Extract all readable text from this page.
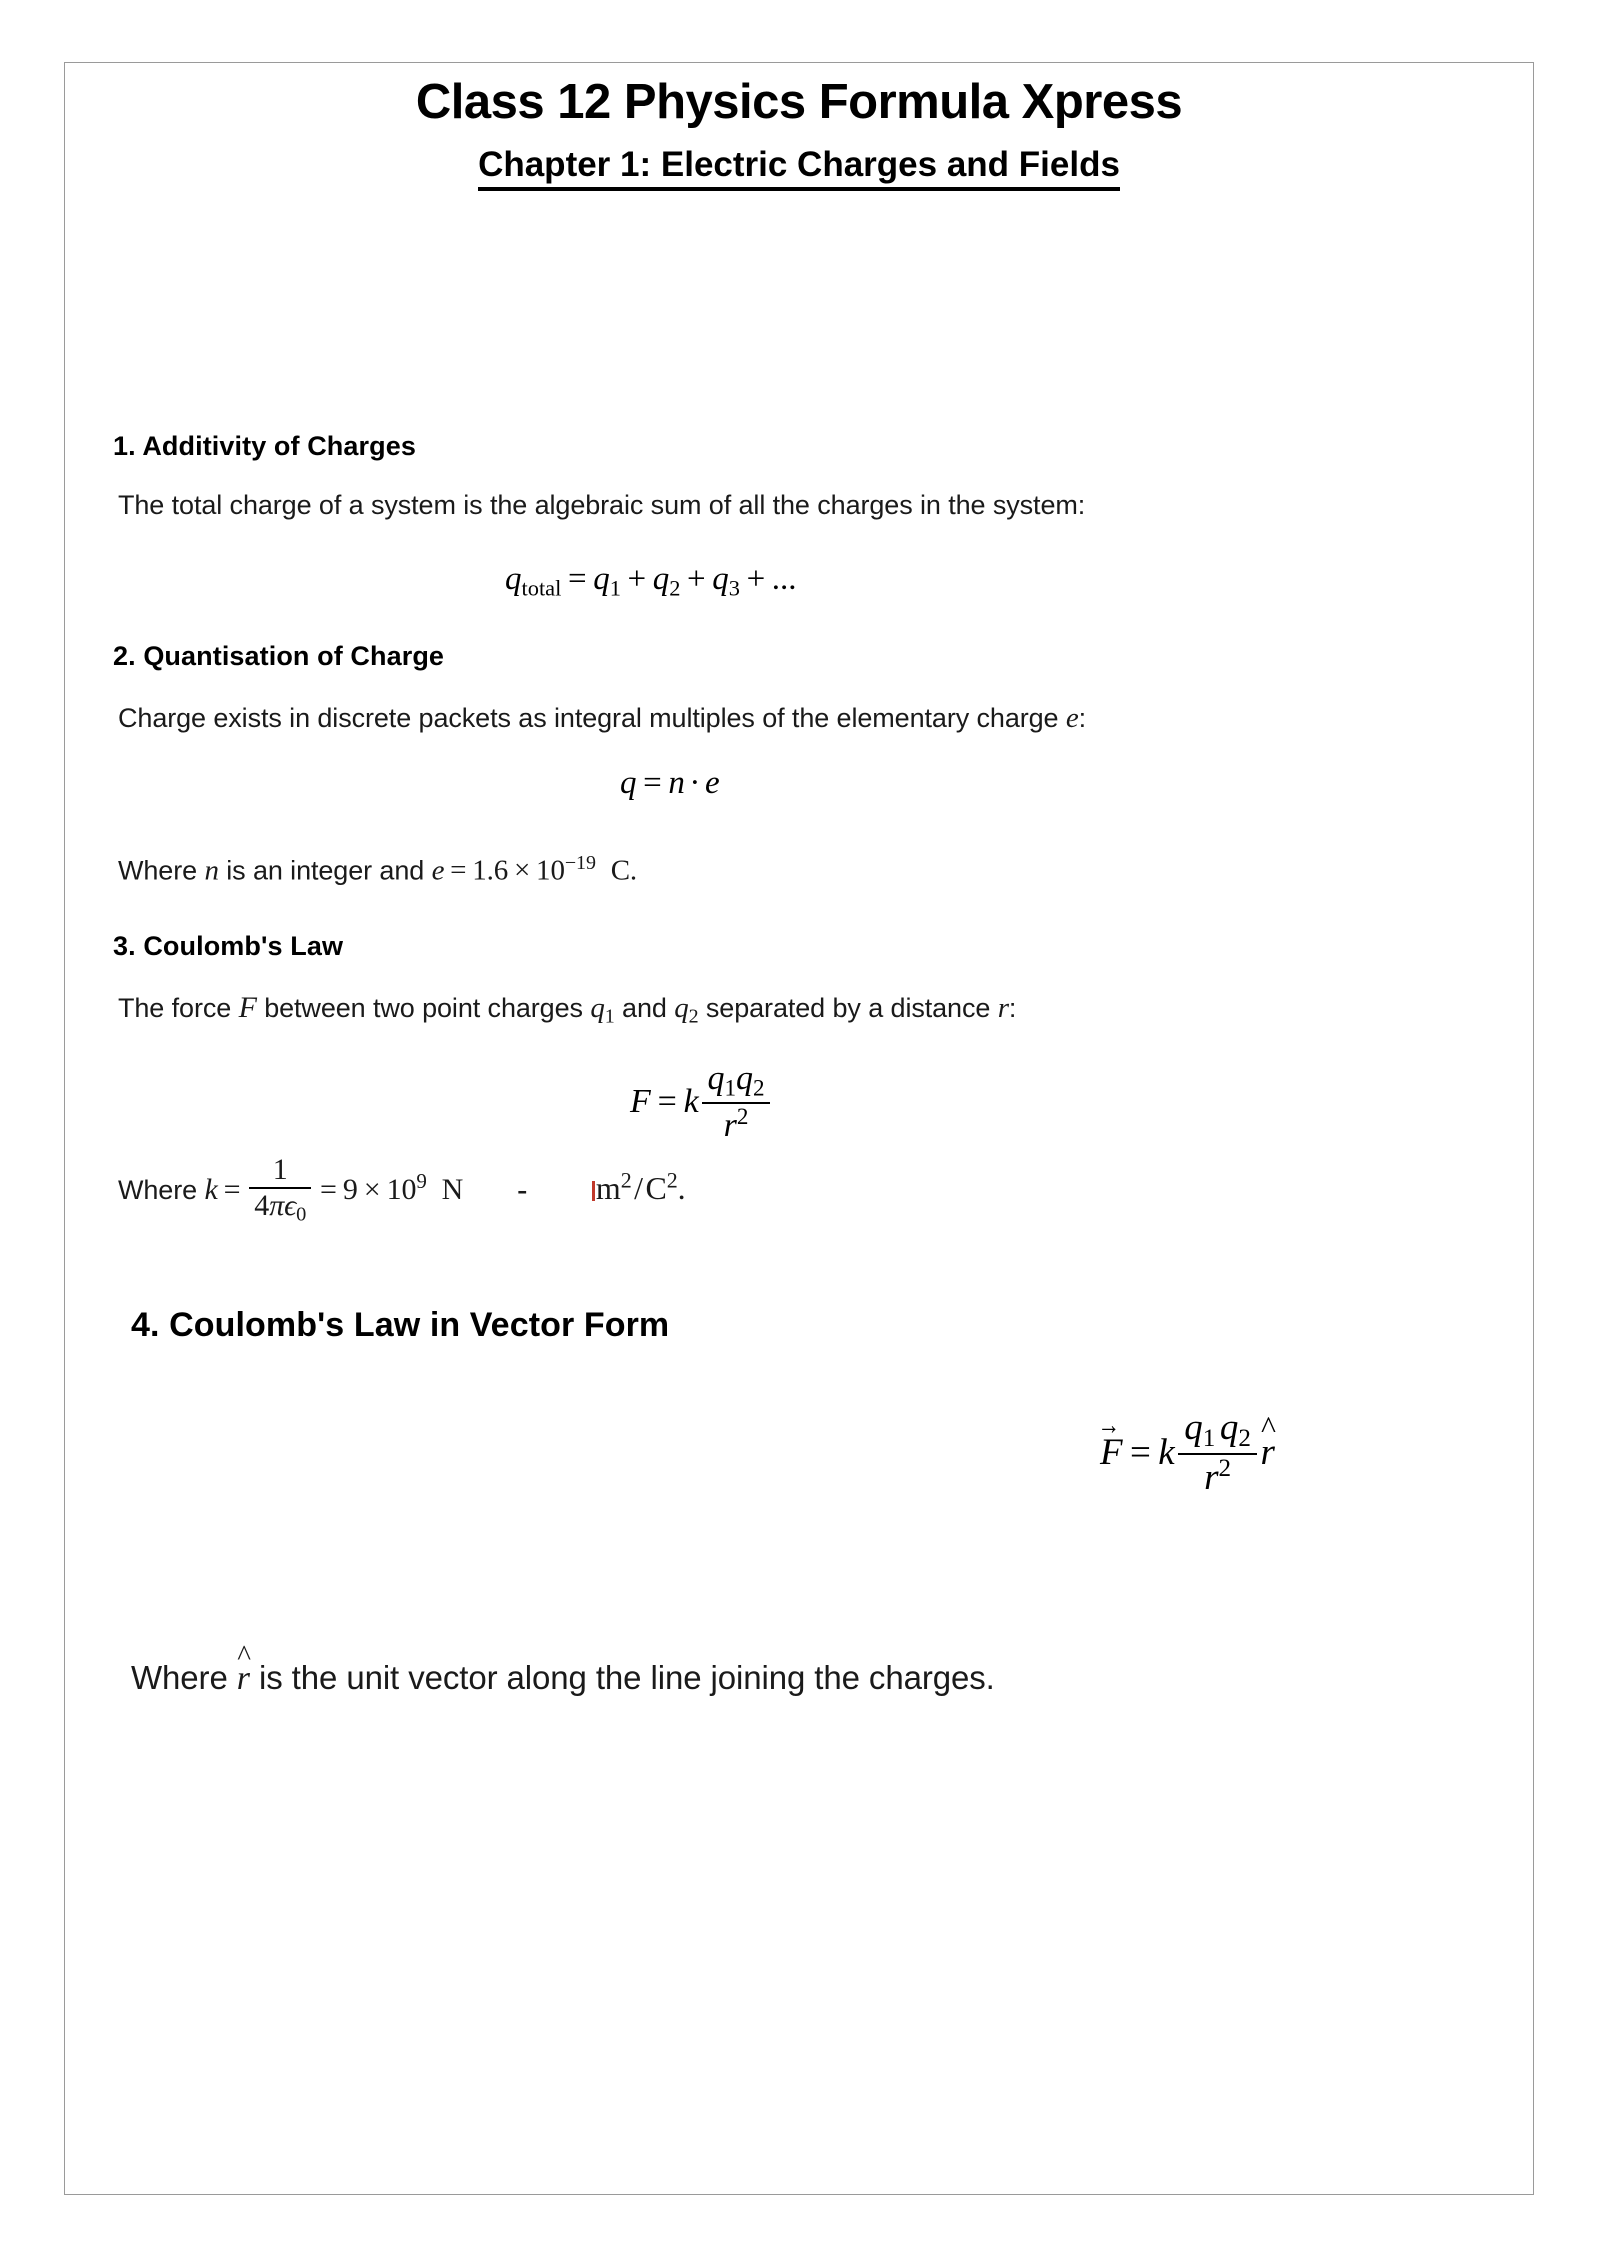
Class 12 Physics Formula Xpress
Chapter 1: Electric Charges and Fields
1. Additivity of Charges
The total charge of a system is the algebraic sum of all the charges in the system:
$q_{total} = q_1 + q_2 + q_3$ + ...
2. Quantisation of Charge
Charge exists in discrete packets as integral multiples of the elementary charge e:
q = n · e
Where n is an integer and $e = 1.6 \times 10^{-19}$ C.
3. Coulomb's Law
The force F between two point charges $q_1$ and $q_2$ separated by a distance r:
F = k $\frac{q_1q_2}{r^2}$
Where $k = \frac{1}{4\pi\epsilon_0} = 9 \times 10^9$ N - $m^2/C^2$.
4. Coulomb's Law in Vector Form
F → = k $\frac{q_1 q_2}{r^2}$ r ^
Where r ^ is the unit vector along the line joining the charges.
